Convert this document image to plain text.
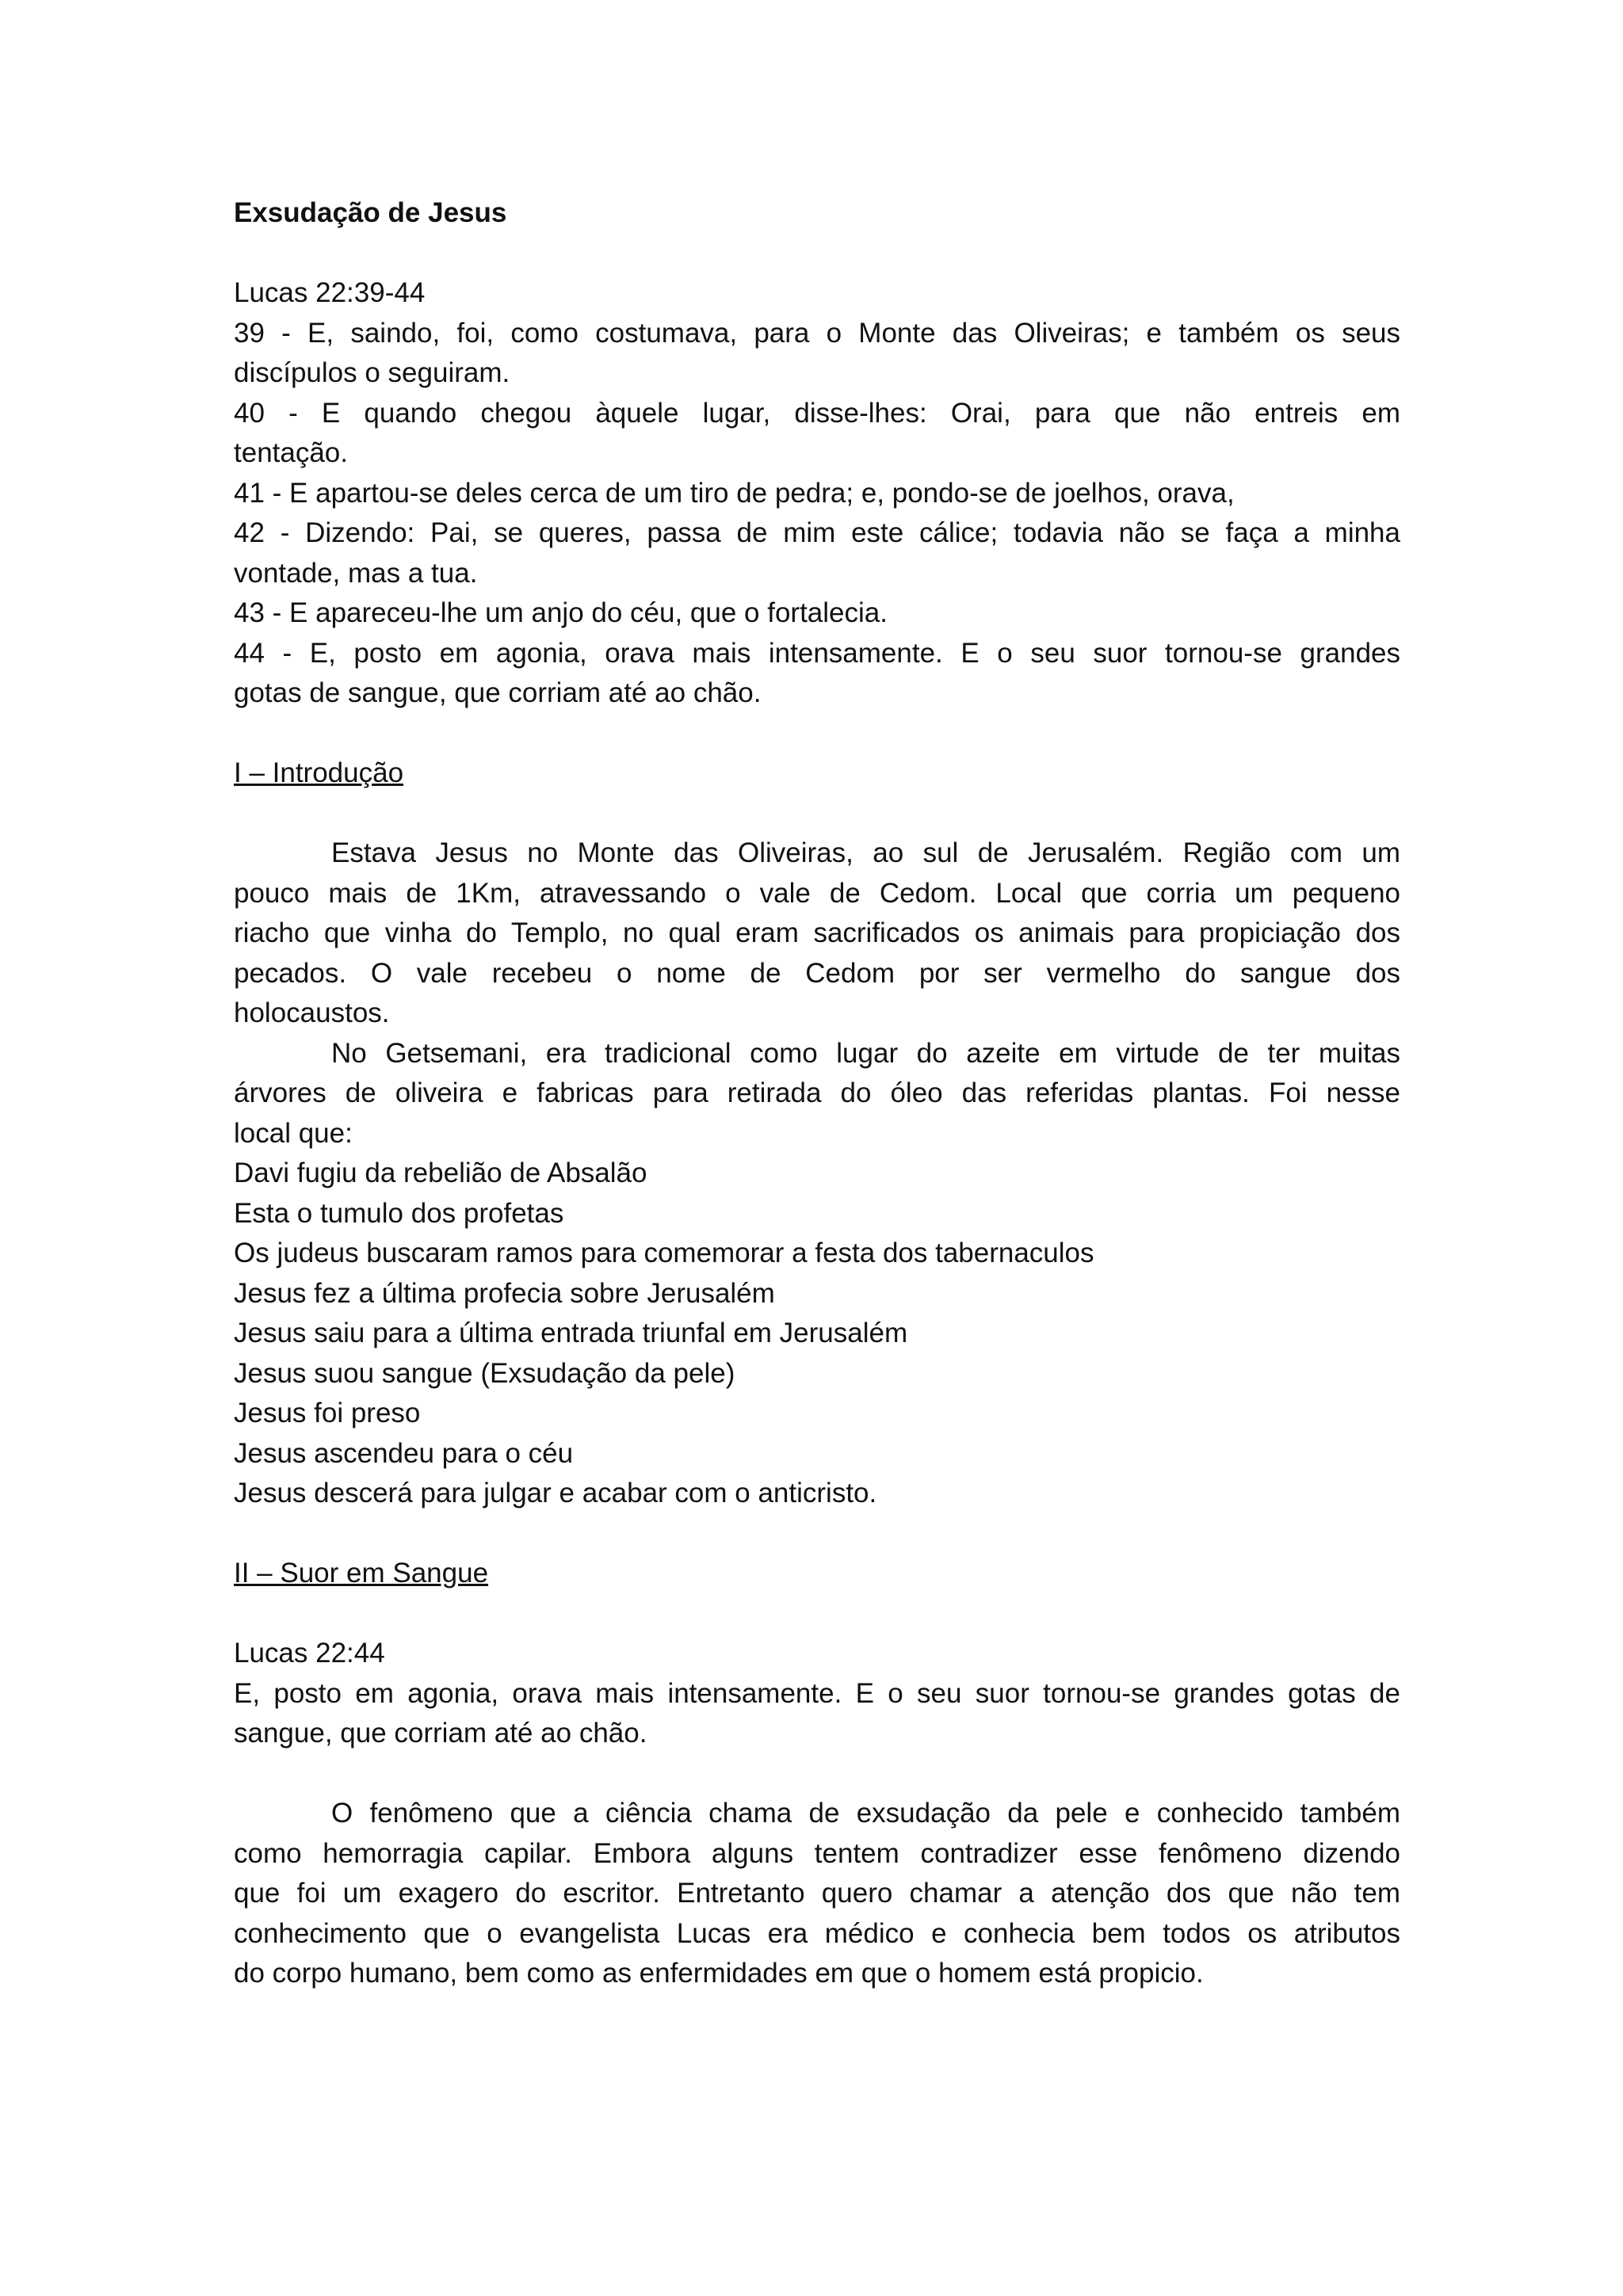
Exsudação de Jesus
Lucas 22:39-44
39 - E, saindo, foi, como costumava, para o Monte das Oliveiras; e também os seus
discípulos o seguiram.
40 - E quando chegou àquele lugar, disse-lhes: Orai, para que não entreis em
tentação.
41 - E apartou-se deles cerca de um tiro de pedra; e, pondo-se de joelhos, orava,
42 - Dizendo: Pai, se queres, passa de mim este cálice; todavia não se faça a minha
vontade, mas a tua.
43 - E apareceu-lhe um anjo do céu, que o fortalecia.
44 - E, posto em agonia, orava mais intensamente. E o seu suor tornou-se grandes
gotas de sangue, que corriam até ao chão.
I – Introdução
Estava Jesus no Monte das Oliveiras, ao sul de Jerusalém. Região com um
pouco mais de 1Km, atravessando o vale de Cedom. Local que corria um pequeno
riacho que vinha do Templo, no qual eram sacrificados os animais para propiciação dos
pecados. O vale recebeu o nome de Cedom por ser vermelho do sangue dos
holocaustos.
No Getsemani, era tradicional como lugar do azeite em virtude de ter muitas
árvores de oliveira e fabricas para retirada do óleo das referidas plantas. Foi nesse
local que:
Davi fugiu da rebelião de Absalão
Esta o tumulo dos profetas
Os judeus buscaram ramos para comemorar a festa dos tabernaculos
Jesus fez a última profecia sobre Jerusalém
Jesus saiu para a última entrada triunfal em Jerusalém
Jesus suou sangue (Exsudação da pele)
Jesus foi preso
Jesus ascendeu para o céu
Jesus descerá para julgar e acabar com o anticristo.
II – Suor em Sangue
Lucas 22:44
E, posto em agonia, orava mais intensamente. E o seu suor tornou-se grandes gotas de
sangue, que corriam até ao chão.
O fenômeno que a ciência chama de exsudação da pele e conhecido também
como hemorragia capilar. Embora alguns tentem contradizer esse fenômeno dizendo
que foi um exagero do escritor. Entretanto quero chamar a atenção dos que não tem
conhecimento que o evangelista Lucas era médico e conhecia bem todos os atributos
do corpo humano, bem como as enfermidades em que o homem está propicio.
